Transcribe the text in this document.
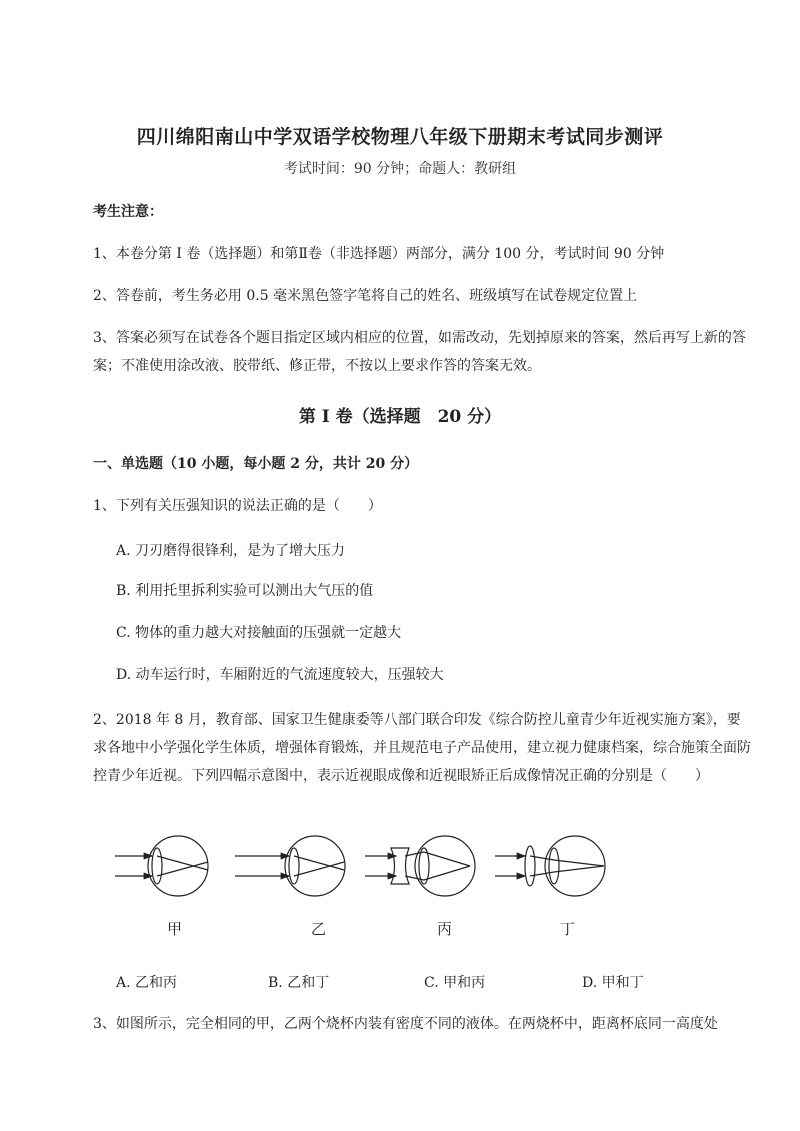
四川绵阳南山中学双语学校物理八年级下册期末考试同步测评
考试时间：90 分钟；命题人：教研组
考生注意：
1、本卷分第 I 卷（选择题）和第Ⅱ卷（非选择题）两部分，满分 100 分，考试时间 90 分钟
2、答卷前，考生务必用 0.5 毫米黑色签字笔将自己的姓名、班级填写在试卷规定位置上
3、答案必须写在试卷各个题目指定区域内相应的位置，如需改动，先划掉原来的答案，然后再写上新的答案；不准使用涂改液、胶带纸、修正带，不按以上要求作答的答案无效。
第 I 卷（选择题　20 分）
一、单选题（10 小题，每小题 2 分，共计 20 分）
1、下列有关压强知识的说法正确的是（　　）
A. 刀刃磨得很锋利，是为了增大压力
B. 利用托里拆利实验可以测出大气压的值
C. 物体的重力越大对接触面的压强就一定越大
D. 动车运行时，车厢附近的气流速度较大，压强较大
2、2018 年 8 月，教育部、国家卫生健康委等八部门联合印发《综合防控儿童青少年近视实施方案》，要求各地中小学强化学生体质，增强体育锻炼，并且规范电子产品使用，建立视力健康档案，综合施策全面防控青少年近视。下列四幅示意图中，表示近视眼成像和近视眼矫正后成像情况正确的分别是（　　）
甲	乙	丙	丁
A. 乙和丙	B. 乙和丁	C. 甲和丙	D. 甲和丁
3、如图所示，完全相同的甲，乙两个烧杯内装有密度不同的液体。在两烧杯中，距离杯底同一高度处
